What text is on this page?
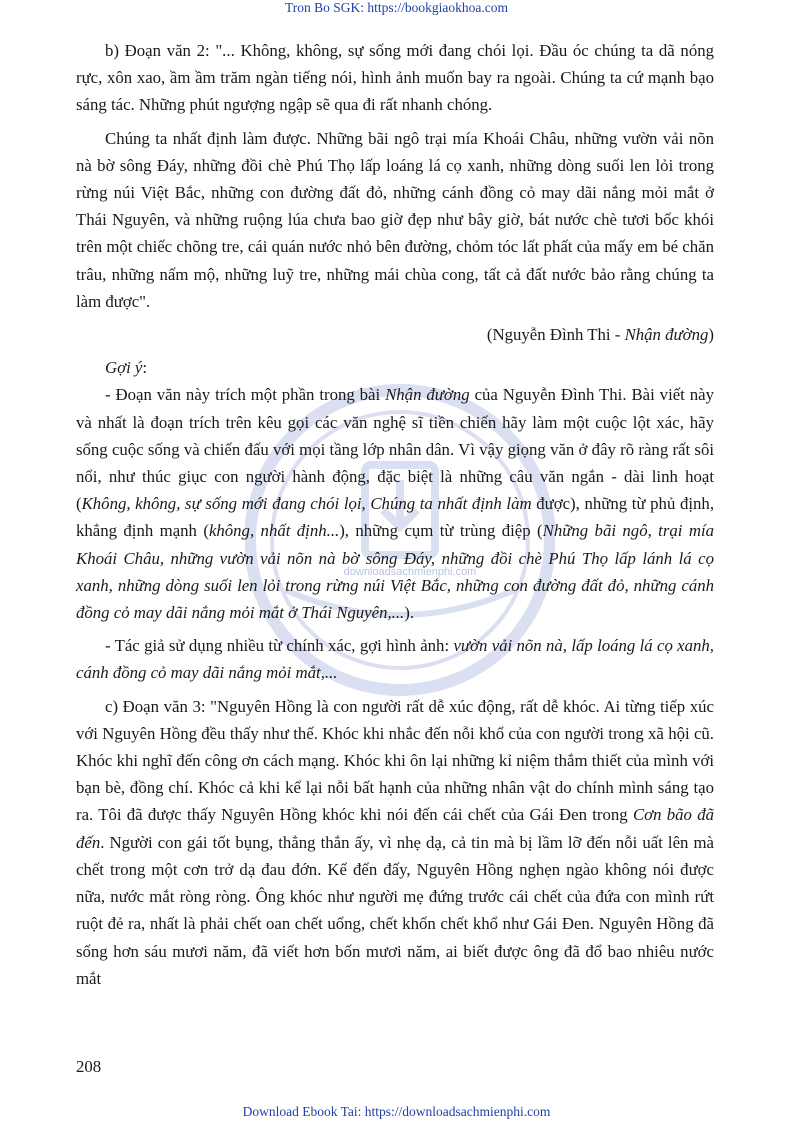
Tron Bo SGK: https://bookgiaokhoa.com
downloadsachmienphi.com

b) Đoạn văn 2: "... Không, không, sự sống mới đang chói lọi. Đầu óc chúng ta dã nóng rực, xôn xao, ầm ầm trăm ngàn tiếng nói, hình ảnh muốn bay ra ngoài. Chúng ta cứ mạnh bạo sáng tác. Những phút ngượng ngập sẽ qua đi rất nhanh chóng.

Chúng ta nhất định làm được. Những bãi ngô trại mía Khoái Châu, những vườn vải nõn nà bờ sông Đáy, những đồi chè Phú Thọ lấp loáng lá cọ xanh, những dòng suối len lỏi trong rừng núi Việt Bắc, những con đường đất đỏ, những cánh đồng cỏ may dãi nắng mỏi mắt ở Thái Nguyên, và những ruộng lúa chưa bao giờ đẹp như bây giờ, bát nước chè tươi bốc khói trên một chiếc chõng tre, cái quán nước nhỏ bên đường, chỏm tóc lất phất của mấy em bé chăn trâu, những nấm mộ, những luỹ tre, những mái chùa cong, tất cả đất nước bảo rằng chúng ta làm được".

(Nguyễn Đình Thi - Nhận đường)

Gợi ý:

- Đoạn văn này trích một phần trong bài Nhận đường của Nguyễn Đình Thi. Bài viết này và nhất là đoạn trích trên kêu gọi các văn nghệ sĩ tiền chiến hãy làm một cuộc lột xác, hãy sống cuộc sống và chiến đấu với mọi tầng lớp nhân dân. Vì vậy giọng văn ở đây rõ ràng rất sôi nổi, như thúc giục con người hành động, đặc biệt là những câu văn ngắn - dài linh hoạt (Không, không, sự sống mới đang chói lọi, Chúng ta nhất định làm được), những từ phủ định, khẳng định mạnh (không, nhất định...), những cụm từ trùng điệp (Những bãi ngô, trại mía Khoái Châu, những vườn vải nõn nà bờ sông Đáy, những đồi chè Phú Thọ lấp lánh lá cọ xanh, những dòng suối len lỏi trong rừng núi Việt Bắc, những con đường đất đỏ, những cánh đồng cỏ may dãi nắng mỏi mắt ở Thái Nguyên,...).

- Tác giả sử dụng nhiều từ chính xác, gợi hình ảnh: vườn vải nõn nà, lấp loáng lá cọ xanh, cánh đồng cỏ may dãi nắng mỏi mắt,...

c) Đoạn văn 3: "Nguyên Hồng là con người rất dễ xúc động, rất dễ khóc. Ai từng tiếp xúc với Nguyên Hồng đều thấy như thế. Khóc khi nhắc đến nỗi khổ của con người trong xã hội cũ. Khóc khi nghĩ đến công ơn cách mạng. Khóc khi ôn lại những kỉ niệm thắm thiết của mình với bạn bè, đồng chí. Khóc cả khi kể lại nỗi bất hạnh của những nhân vật do chính mình sáng tạo ra. Tôi đã được thấy Nguyên Hồng khóc khi nói đến cái chết của Gái Đen trong Cơn bão đã đến. Người con gái tốt bụng, thẳng thắn ấy, vì nhẹ dạ, cả tin mà bị lầm lỡ đến nỗi uất lên mà chết trong một cơn trở dạ đau đớn. Kể đến đấy, Nguyên Hồng nghẹn ngào không nói được nữa, nước mắt ròng ròng. Ông khóc như người mẹ đứng trước cái chết của đứa con mình rứt ruột đẻ ra, nhất là phải chết oan chết uổng, chết khốn chết khổ như Gái Đen. Nguyên Hồng đã sống hơn sáu mươi năm, đã viết hơn bốn mươi năm, ai biết được ông đã đổ bao nhiêu nước mắt

208
Download Ebook Tai: https://downloadsachmienphi.com
